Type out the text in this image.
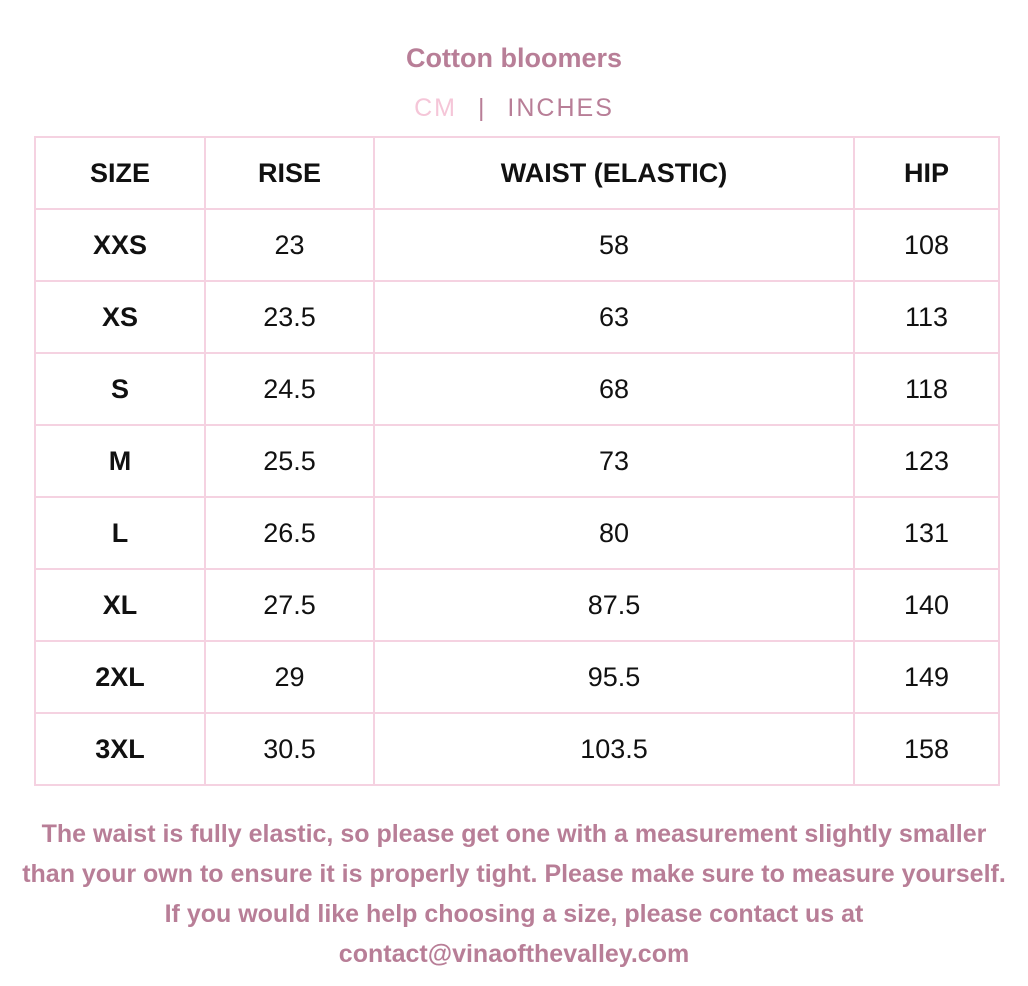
Cotton bloomers
CM | INCHES
SIZE	RISE	WAIST (ELASTIC)	HIP
XXS	23	58	108
XS	23.5	63	113
S	24.5	68	118
M	25.5	73	123
L	26.5	80	131
XL	27.5	87.5	140
2XL	29	95.5	149
3XL	30.5	103.5	158
The waist is fully elastic, so please get one with a measurement slightly smaller than your own to ensure it is properly tight. Please make sure to measure yourself. If you would like help choosing a size, please contact us at contact@vinaofthevalley.com
